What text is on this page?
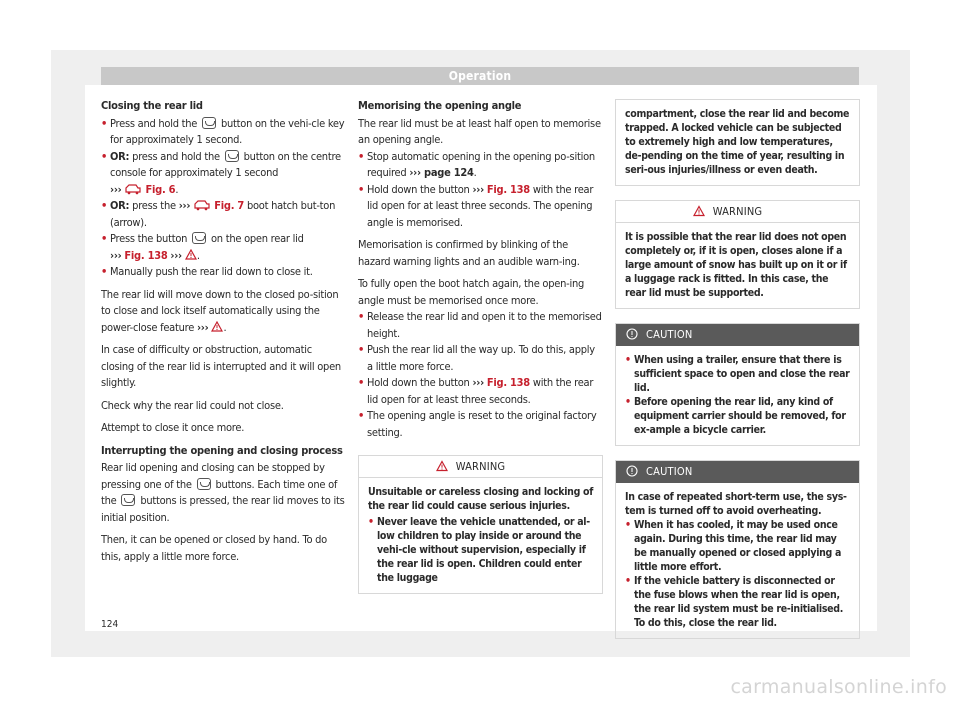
Operation

Closing the rear lid

• Press and hold the button on the vehi-cle key for approximately 1 second.

• OR: press and hold the button on the centre console for approximately 1 second
››› Fig. 6.

• OR: press the ››› Fig. 7 boot hatch but-ton (arrow).

• Press the button on the open rear lid
››› Fig. 138 ››› .

• Manually push the rear lid down to close it.

The rear lid will move down to the closed po-sition to close and lock itself automatically using the power-close feature ››› .

In case of difficulty or obstruction, automatic closing of the rear lid is interrupted and it will open slightly.

Check why the rear lid could not close.

Attempt to close it once more.

Interrupting the opening and closing process

Rear lid opening and closing can be stopped by pressing one of the buttons. Each time one of the buttons is pressed, the rear lid moves to its initial position.

Then, it can be opened or closed by hand. To do this, apply a little more force.

Memorising the opening angle

The rear lid must be at least half open to memorise an opening angle.

• Stop automatic opening in the opening po-sition required ››› page 124.

• Hold down the button ››› Fig. 138 with the rear lid open for at least three seconds. The opening angle is memorised.

Memorisation is confirmed by blinking of the hazard warning lights and an audible warn-ing.

To fully open the boot hatch again, the open-ing angle must be memorised once more.

• Release the rear lid and open it to the memorised height.

• Push the rear lid all the way up. To do this, apply a little more force.

• Hold down the button ››› Fig. 138 with the rear lid open for at least three seconds.

• The opening angle is reset to the original factory setting.

WARNING

Unsuitable or careless closing and locking of the rear lid could cause serious injuries.

• Never leave the vehicle unattended, or al-low children to play inside or around the vehi-cle without supervision, especially if the rear lid is open. Children could enter the luggage

compartment, close the rear lid and become trapped. A locked vehicle can be subjected to extremely high and low temperatures, de-pending on the time of year, resulting in seri-ous injuries/illness or even death.

WARNING

It is possible that the rear lid does not open completely or, if it is open, closes alone if a large amount of snow has built up on it or if a luggage rack is fitted. In this case, the rear lid must be supported.

CAUTION

• When using a trailer, ensure that there is sufficient space to open and close the rear lid.

• Before opening the rear lid, any kind of equipment carrier should be removed, for ex-ample a bicycle carrier.

CAUTION

In case of repeated short-term use, the sys-tem is turned off to avoid overheating.

• When it has cooled, it may be used once again. During this time, the rear lid may be manually opened or closed applying a little more effort.

• If the vehicle battery is disconnected or the fuse blows when the rear lid is open, the rear lid system must be re-initialised. To do this, close the rear lid.

124
carmanualsonline.info
